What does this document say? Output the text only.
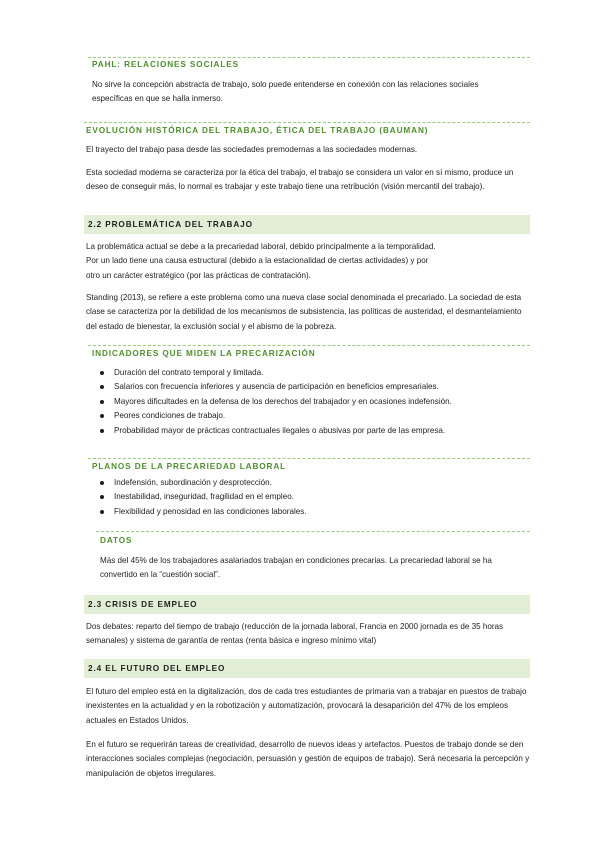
PAHL: RELACIONES SOCIALES

No sirve la concepción abstracta de trabajo, solo puede entenderse en conexión con las relaciones sociales específicas en que se halla inmerso.

EVOLUCIÓN HISTÓRICA DEL TRABAJO, ÉTICA DEL TRABAJO (BAUMAN)

El trayecto del trabajo pasa desde las sociedades premodernas a las sociedades modernas.

Esta sociedad moderna se caracteriza por la ética del trabajo, el trabajo se considera un valor en sí mismo, produce un deseo de conseguir más, lo normal es trabajar y este trabajo tiene una retribución (visión mercantil del trabajo).

2.2 PROBLEMÁTICA DEL TRABAJO

La problemática actual se debe a la precariedad laboral, debido principalmente a la temporalidad. Por un lado tiene una causa estructural (debido a la estacionalidad de ciertas actividades) y por otro un carácter estratégico (por las prácticas de contratación).

Standing (2013), se refiere a este problema como una nueva clase social denominada el precariado. La sociedad de esta clase se caracteriza por la debilidad de los mecanismos de subsistencia, las políticas de austeridad, el desmantelamiento del estado de bienestar, la exclusión social y el abismo de la pobreza.

INDICADORES QUE MIDEN LA PRECARIZACIÓN
Duración del contrato temporal y limitada.
Salarios con frecuencia inferiores y ausencia de participación en beneficios empresariales.
Mayores dificultades en la defensa de los derechos del trabajador y en ocasiones indefensión.
Peores condiciones de trabajo.
Probabilidad mayor de prácticas contractuales ilegales o abusivas por parte de las empresa.
PLANOS DE LA PRECARIEDAD LABORAL
Indefensión, subordinación y desprotección.
Inestabilidad, inseguridad, fragilidad en el empleo.
Flexibilidad y penosidad en las condiciones laborales.
DATOS

Más del 45% de los trabajadores asalariados trabajan en condiciones precarias. La precariedad laboral se ha convertido en la “cuestión social”.

2.3 CRISIS DE EMPLEO

Dos debates: reparto del tiempo de trabajo (reducción de la jornada laboral, Francia en 2000 jornada es de 35 horas semanales) y sistema de garantía de rentas (renta básica e ingreso mínimo vital)

2.4 EL FUTURO DEL EMPLEO

El futuro del empleo está en la digitalización, dos de cada tres estudiantes de primaria van a trabajar en puestos de trabajo inexistentes en la actualidad y en la robotización y automatización, provocará la desaparición del 47% de los empleos actuales en Estados Unidos.

En el futuro se requerirán tareas de creatividad, desarrollo de nuevos ideas y artefactos. Puestos de trabajo donde se den interacciones sociales complejas (negociación, persuasión y gestión de equipos de trabajo). Será necesaria la percepción y manipulación de objetos irregulares.
